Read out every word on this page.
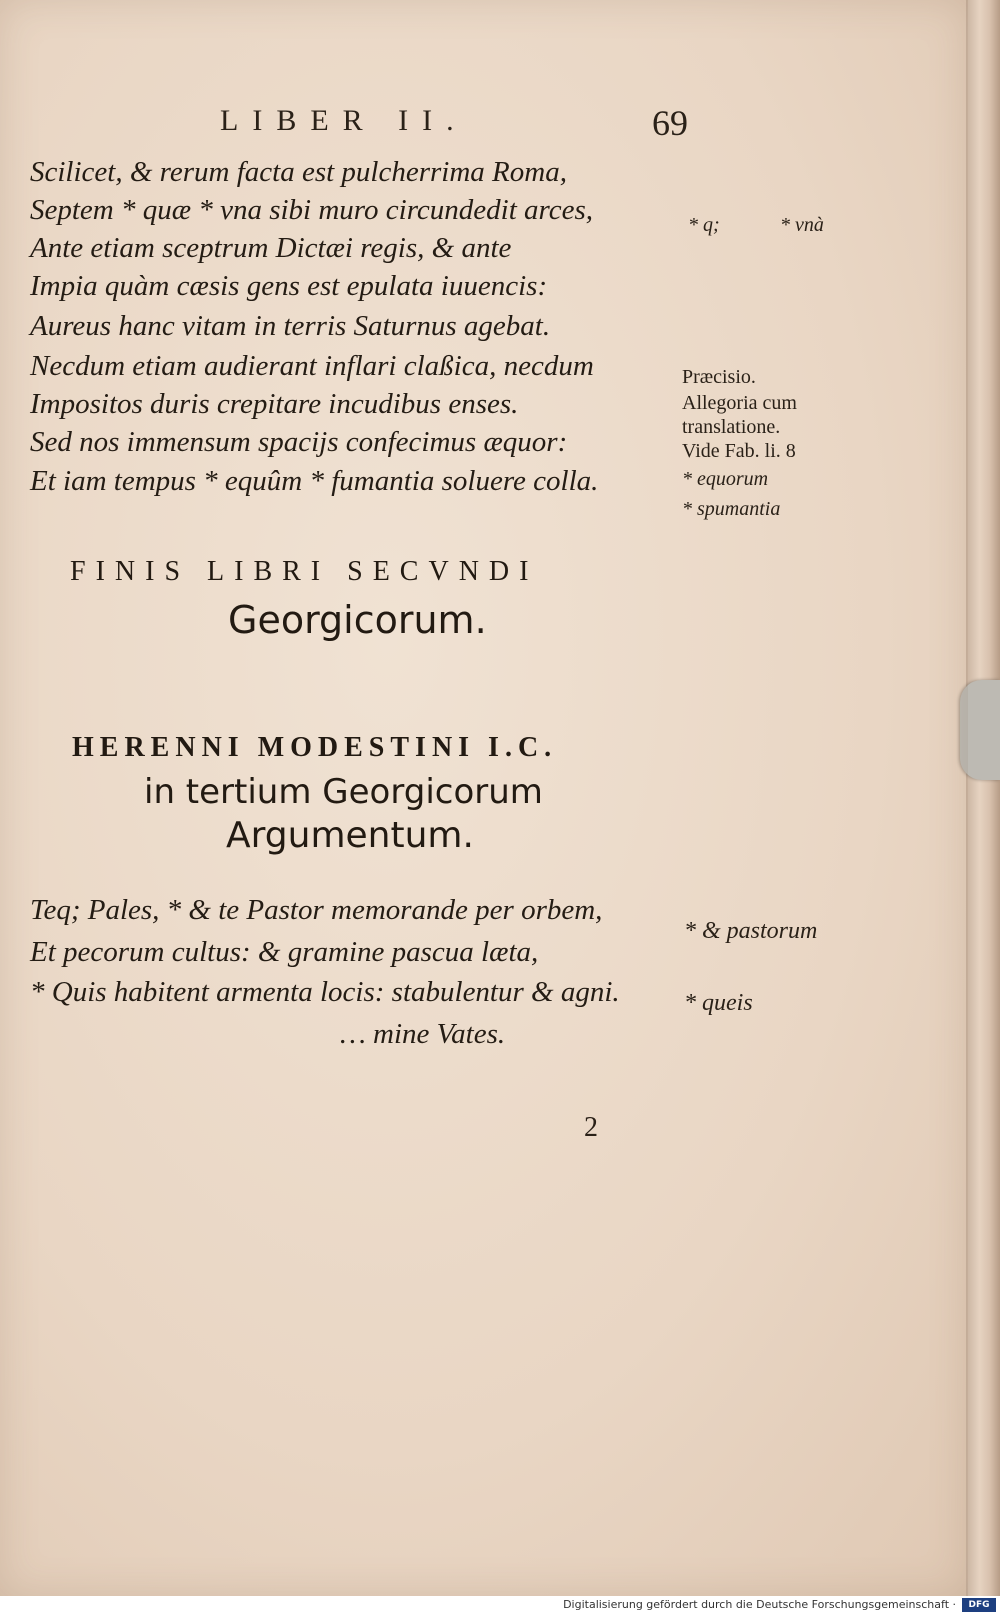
LIBER II.	69
Scilicet, & rerum facta est pulcherrima Roma,
Septem * quæ * vna sibi muro circundedit arces,
Ante etiam sceptrum Dictæi regis, & ante
Impia quàm cæsis gens est epulata iuuencis:
Aureus hanc vitam in terris Saturnus agebat.
Necdum etiam audierant inflari claßica, necdum
Impositos duris crepitare incudibus enses.
Sed nos immensum spacijs confecimus æquor:
Et iam tempus * equûm * fumantia soluere colla.
* q;	* vnà
Præcisio.
Allegoria cum
translatione.
Vide Fab. li. 8
* equorum
* spumantia
FINIS LIBRI SECVNDI
Georgicorum.
HERENNI MODESTINI I.C.
in tertium Georgicorum
Argumentum.
Teq; Pales, * & te Pastor memorande per orbem,
Et pecorum cultus: & gramine pascua læta,
* Quis habitent armenta locis: stabulentur & agni.
… mine Vates.
* & pastorum
* queis
2
Digitalisierung gefördert durch die Deutsche Forschungsgemeinschaft ·	DFG
